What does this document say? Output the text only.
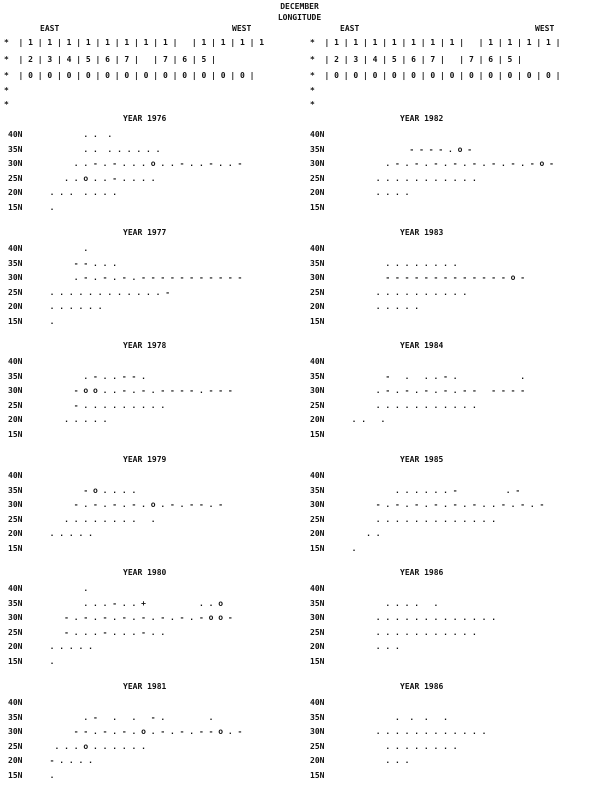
DECEMBER
LONGITUDE
EAST	WEST
*  | 1 | 1 | 1 | 1 | 1 | 1 | 1 | 1 |   | 1 | 1 | 1 | 1
*  | 2 | 3 | 4 | 5 | 6 | 7 |   | 7 | 6 | 5 |
*  | 0 | 0 | 0 | 0 | 0 | 0 | 0 | 0 | 0 | 0 | 0 | 0 |
*
*
EAST	WEST
*  | 1 | 1 | 1 | 1 | 1 | 1 | 1 |   | 1 | 1 | 1 | 1 |
*  | 2 | 3 | 4 | 5 | 6 | 7 |   | 7 | 6 | 5 |
*  | 0 | 0 | 0 | 0 | 0 | 0 | 0 | 0 | 0 | 0 | 0 | 0 |
*
*
YEAR 1976
40N . .  .
35N . .  . . . . . .
30N . . - . - . . . o . . - . . - . . -
25N . . o . . - . . . .
20N . . .  . . . .
15N .
YEAR 1982
40N
35N - - - - . o -
30N . - . - . - . - . - . - . - . - o -
25N . . . . . . . . . . .
20N . . . .
15N
YEAR 1977
40N .
35N - - . . .
30N . - . - . - . - - - - - - - - - - -
25N . . . . . . . . . . . . -
20N . . . . . .
15N .
YEAR 1983
40N
35N . . . . . . . .
30N - - - - - - - - - - - - - o -
25N . . . . . . . . . .
20N . . . . .
15N
YEAR 1978
40N
35N . - . . - - .
30N - o o . . - . - . - - - - . - - -
25N - . . . . . . . . .
20N . . . . .
15N
YEAR 1984
40N
35N -   .   . . - .             .
30N . - . - . - . - . - -   - - - -
25N . . . . . . . . . . .
20N . .   .
15N
YEAR 1979
40N
35N - o . . . .
30N - . - . - . - . o . - . - - . -
25N . . . . . . . .   .
20N . . . . .
15N
YEAR 1985
40N
35N . . . . . . -          . -
30N - . - . - . - . - . - . . - . - . -
25N . . . . . . . . . . . . .
20N . .
15N .
YEAR 1980
40N .
35N . . . - . . +           . . o
30N - . - . - . - . - . - . - . - o o -
25N - . . . - . . . - . .
20N . . . . .
15N .
YEAR 1986
40N
35N . . . .   .
30N . . . . . . . . . . . . .
25N . . . . . . . . . . .
20N . . .
15N
YEAR 1981
40N
35N . -   .   .   - .         .
30N - - . - . - . o . - . - . - - o . -
25N . . . o . . . . . .
20N - . . . .
15N .
YEAR 1986
40N
35N .  .  .   .
30N . . . . . . . . . . . .
25N . . . . . . . .
20N . . .
15N
